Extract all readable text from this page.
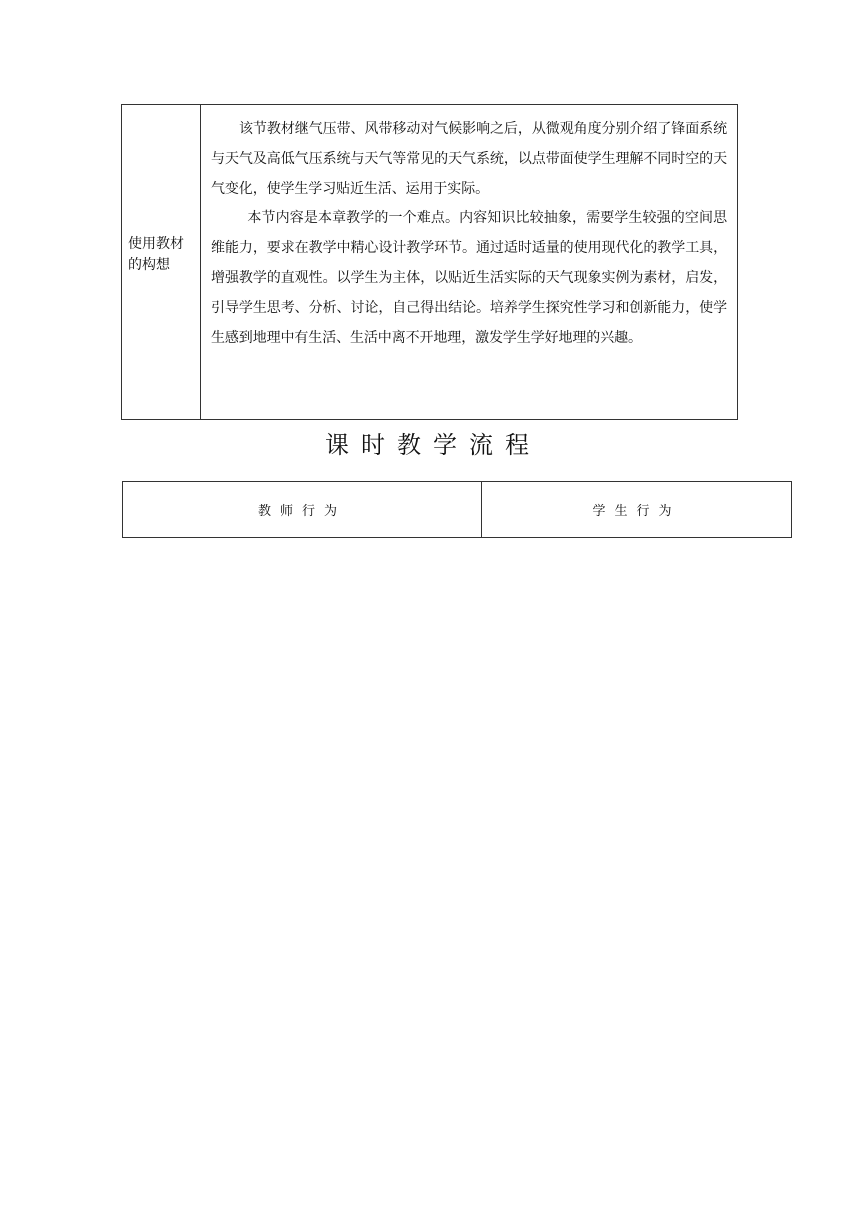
使用教材的构想

该节教材继气压带、风带移动对气候影响之后，从微观角度分别介绍了锋面系统与天气及高低气压系统与天气等常见的天气系统，以点带面使学生理解不同时空的天气变化，使学生学习贴近生活、运用于实际。

本节内容是本章教学的一个难点。内容知识比较抽象，需要学生较强的空间思维能力，要求在教学中精心设计教学环节。通过适时适量的使用现代化的教学工具，增强教学的直观性。以学生为主体，以贴近生活实际的天气现象实例为素材，启发，引导学生思考、分析、讨论，自己得出结论。培养学生探究性学习和创新能力，使学生感到地理中有生活、生活中离不开地理，激发学生学好地理的兴趣。

课时教学流程
教师行为	学生行为
